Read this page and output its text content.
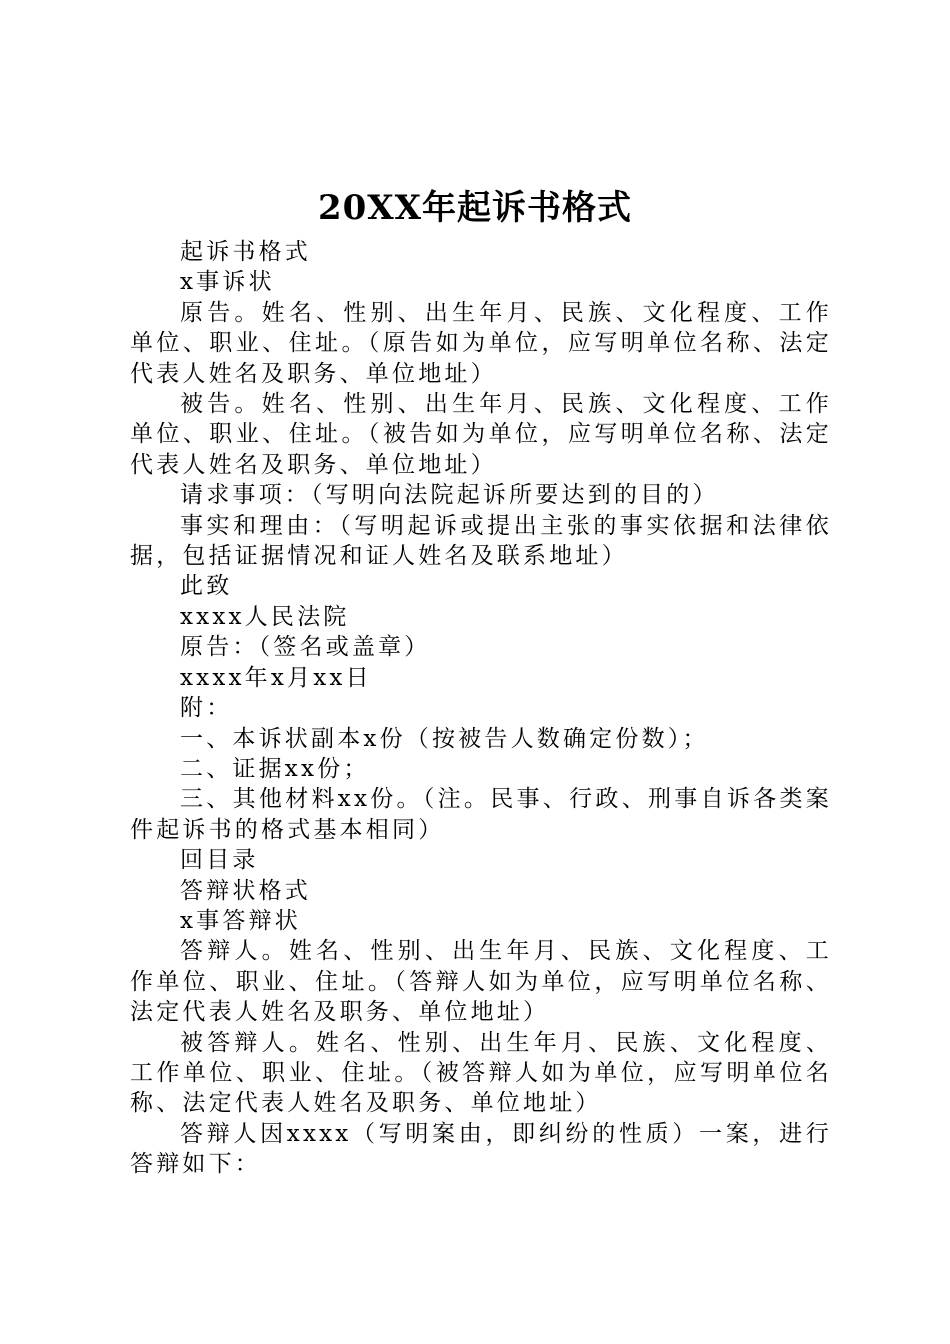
20XX年起诉书格式

起诉书格式

x事诉状

原告。姓名、性别、出生年月、民族、文化程度、工作单位、职业、住址。（原告如为单位，应写明单位名称、法定代表人姓名及职务、单位地址）

被告。姓名、性别、出生年月、民族、文化程度、工作单位、职业、住址。（被告如为单位，应写明单位名称、法定代表人姓名及职务、单位地址）

请求事项：（写明向法院起诉所要达到的目的）

事实和理由：（写明起诉或提出主张的事实依据和法律依据，包括证据情况和证人姓名及联系地址）

此致

xxxx人民法院

原告：（签名或盖章）

xxxx年x月xx日

附：

一、本诉状副本x份（按被告人数确定份数）；

二、证据xx份；

三、其他材料xx份。（注。民事、行政、刑事自诉各类案件起诉书的格式基本相同）

回目录

答辩状格式

x事答辩状

答辩人。姓名、性别、出生年月、民族、文化程度、工作单位、职业、住址。（答辩人如为单位，应写明单位名称、法定代表人姓名及职务、单位地址）

被答辩人。姓名、性别、出生年月、民族、文化程度、工作单位、职业、住址。（被答辩人如为单位，应写明单位名称、法定代表人姓名及职务、单位地址）

答辩人因xxxx（写明案由，即纠纷的性质）一案，进行答辩如下：
